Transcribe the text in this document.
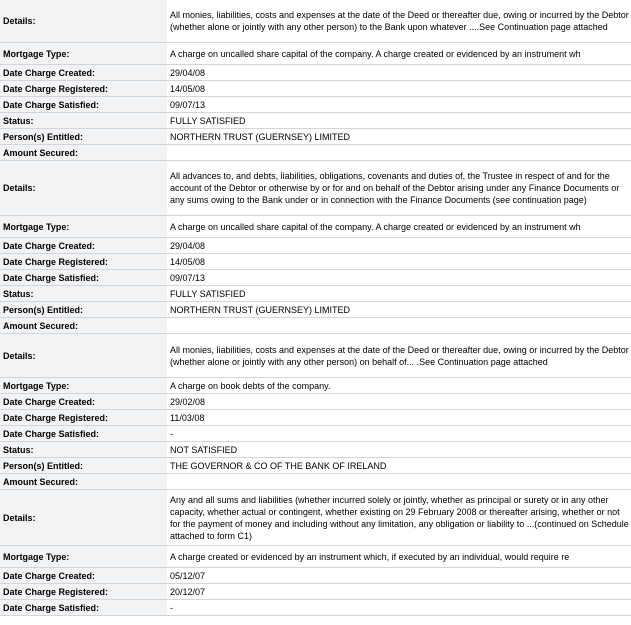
Details:
All monies, liabilities, costs and expenses at the date of the Deed or thereafter due, owing or incurred by the Debtor (whether alone or jointly with any other person) to the Bank upon whatever ....See Continuation page attached
Mortgage Type:	A charge on uncalled share capital of the company. A charge created or evidenced by an instrument wh
Date Charge Created:	29/04/08
Date Charge Registered:	14/05/08
Date Charge Satisfied:	09/07/13
Status:	FULLY SATISFIED
Person(s) Entitled:	NORTHERN TRUST (GUERNSEY) LIMITED
Amount Secured:
Details:
All advances to, and debts, liabilities, obligations, covenants and duties of, the Trustee in respect of and for the account of the Debtor or otherwise by or for and on behalf of the Debtor arising under any Finance Documents or any sums owing to the Bank under or in connection with the Finance Documents (see continuation page)
Mortgage Type:	A charge on uncalled share capital of the company. A charge created or evidenced by an instrument wh
Date Charge Created:	29/04/08
Date Charge Registered:	14/05/08
Date Charge Satisfied:	09/07/13
Status:	FULLY SATISFIED
Person(s) Entitled:	NORTHERN TRUST (GUERNSEY) LIMITED
Amount Secured:
Details:
All monies, liabilities, costs and expenses at the date of the Deed or thereafter due, owing or incurred by the Debtor (whether alone or jointly with any other person) on behalf of... .See Continuation page attached
Mortgage Type:	A charge on book debts of the company.
Date Charge Created:	29/02/08
Date Charge Registered:	11/03/08
Date Charge Satisfied:	-
Status:	NOT SATISFIED
Person(s) Entitled:	THE GOVERNOR & CO OF THE BANK OF IRELAND
Amount Secured:
Details:
Any and all sums and liabilities (whether incurred solely or jointly, whether as principal or surety or in any other capacity, whether actual or contingent, whether existing on 29 February 2008 or thereafter arising, whether or not for the payment of money and including without any limitation, any obligation or liability to ...(continued on Schedule attached to form C1)
Mortgage Type:	A charge created or evidenced by an instrument which, if executed by an individual, would require re
Date Charge Created:	05/12/07
Date Charge Registered:	20/12/07
Date Charge Satisfied:	-
